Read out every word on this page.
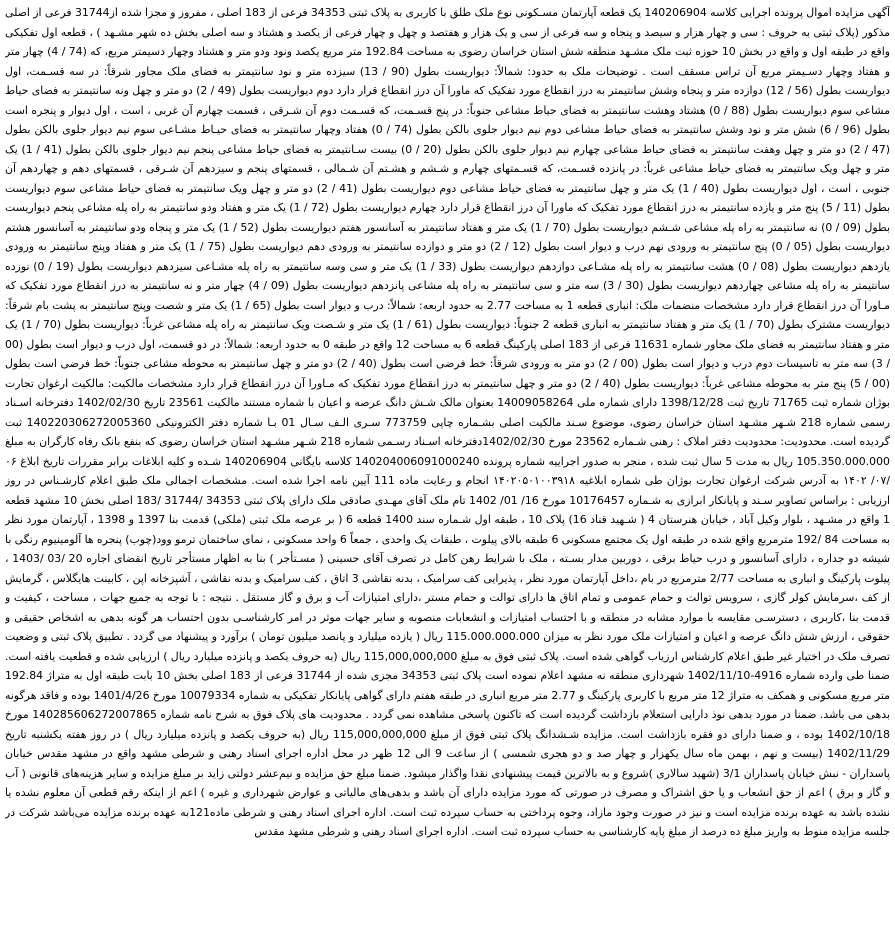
آگهی مزایده اموال پرونده اجرایی کلاسه 140206904 یک قطعه آپارتمان مسـکونی نوع ملک طلق با کاربری به پلاک ثبتی 34353 فرعی از 183 اصلی ، مفروز و مجزا شده از31744 فرعی از اصلی مذکور (پلاک ثبتی به حروف : سی و چهار هزار و سیصد و پنجاه و سه فرعی از سی و یک هزار و هفتصد و چهل و چهار فرعی از یکصد و هشتاد و سه اصلی بخش ده شهر مشـهد ) ، قطعه اول تفکیکی واقع در طبقه اول و واقع در بخش 10 حوزه ثبت ملک مشـهد منطقه شش استان خراسان رضوی به مساحت 192.84 متر مربع یکصد ونود ودو متر و هشتاد وچهار دسیمتر مربع، که (74 / 4) چهار متر و هفتاد وچهار دسـیمتر مربع آن تراس مسقف است . توضیحات ملک به حدود: شمالاً: دیواریست بطول (90 / 13) سیزده متر و نود سانتیمتر به فضای ملک مجاور شرقاً: در سه قسـمت، اول دیواریست بطول (56 / 12) دوازده متر و پنجاه وشش سانتیمتر به درز انقطاع مورد تفکیک که ماورا آن درز انقطاع قرار دارد دوم دیواریست بطول (49 / 2) دو متر و چهل ونه سانتیمتر به فضای حیاط مشاعی سوم دیواریست بطول (88 / 0) هشتاد وهشت سانتیمتر به فضای حیاط مشاعی جنوباً: در پنج قسـمت، که قسـمت دوم آن شـرقی ، قسمت چهارم آن غربی ، است ، اول دیوار و پنجره است بطول (96 / 6) شش متر و نود وشش سانتیمتر به فضای حیاط مشاعی دوم نیم دیوار جلوی بالکن بطول (74 / 0) هفتاد وچهار سانتیمتر به فضای حیـاط مشـاعی سوم نیم دیوار جلوی بالکن بطول (47 / 2) دو متر و چهل وهفت سانتیمتر به فضای حیاط مشاعی چهارم نیم دیوار جلوی بالکن بطول (20 / 0) بیست سـانتیمتر به فضای حیاط مشاعی پنجم نیم دیوار جلوی بالکن بطول (41 / 1) یک متر و چهل ویک سانتیمتر به فضای حیاط مشاعی غرباً: در پانزده قسـمت، که قسـمتهای چهارم و شـشم و هشـتم آن شـمالی ، قسمتهای پنجم و سیزدهم آن شـرقی ، قسمتهای دهم و چهاردهم آن جنوبی ، است ، اول دیواریست بطول (40 / 1) یک متر و چهل سانتیمتر به فضای حیاط مشاعی دوم دیواریست بطول (41 / 2) دو متر و چهل ویک سانتیمتر به فضای حیاط مشاعی سوم دیواریست بطول (11 / 5) پنج متر و یازده سانتیمتر به درز انقطاع مورد تفکیک که ماورا آن درز انقطاع قرار دارد چهارم دیواریست بطول (72 / 1) یک متر و هفتاد ودو سانتیمتر به راه پله مشاعی پنجم دیواریست بطول (09 / 0) نه سانتیمتر به راه پله مشاعی شـشم دیواریست بطول (70 / 1) یک متر و هفتاد سانتیمتر به آسانسور هفتم دیواریست بطول (52 / 1) یک متر و پنجاه ودو سانتیمتر به آسانسور هشتم دیواریست بطول (05 / 0) پنج سانتیمتر به ورودی نهم درب و دیوار است بطول (12 / 2) دو متر و دوازده سانتیمتر به ورودی دهم دیواریست بطول (75 / 1) یک متر و هفتاد وپنج سانتیمتر به ورودی یازدهم دیواریست بطول (08 / 0) هشت سانتیمتر به راه پله مشـاعی دوازدهم دیواریست بطول (33 / 1) یک متر و سی وسه سانتیمتر به راه پله مشـاعی سیزدهم دیواریست بطول (19 / 0) نوزده سانتیمتر به راه پله مشاعی چهاردهم دیواریست بطول (30 / 3) سه متر و سی سانتیمتر به راه پله مشاعی پانزدهم دیواریست بطول (09 / 4) چهار متر و نه سانتیمتر به درز انقطاع مورد تفکیک که مـاورا آن درز انقطاع قرار دارد مشخصات منضمات ملک: انباری قطعه 1 به مساحت 2.77 به حدود اربعه: شمالاً: درب و دیوار است بطول (65 / 1) یک متر و شصت وپنج سانتیمتر به پشت بام شرقاً: دیواریست مشترک بطول (70 / 1) یک متر و هفتاد سانتیمتر به انباری قطعه 2 جنوباً: دیواریست بطول (61 / 1) یک متر و شـصت ویک سانتیمتر به راه پله مشاعی غرباً: دیواریست بطول (70 / 1) یک متر و هفتاد سانتیمتر به فضای ملک مجاور شماره 11631 فرعی از 183 اصلی پارکینگ قطعه 6 به مساحت 12 واقع در طبقه 0 به حدود اربعه: شمالاً: در دو قسمت، اول درب و دیوار است بطول (00 / 3) سه متر به تاسیسات دوم درب و دیوار است بطول (00 / 2) دو متر به ورودی شرقاً: خط فرضی است بطول (40 / 2) دو متر و چهل سانتیمتر به محوطه مشاعی جنوباً: خط فرضی است بطول (00 / 5) پنج متر به محوطه مشاعی غرباً: دیواریست بطول (40 / 2) دو متر و چهل سانتیمتر به درز انقطاع مورد تفکیک که مـاورا آن درز انقطاع قرار دارد مشخصات مالکیت: مالکیت ارغوان تجارت بوژان شماره ثبت 71765 تاریخ ثبت 1398/12/28 دارای شماره ملی 14009058264 بعنوان مالک شـش دانگ عرصه و اعیان با شماره مستند مالکیت 23561 تاریخ 1402/02/30 دفترخانه اسـناد رسمی شماره 218 شـهر مشـهد استان خراسان رضوی، موضوع سـند مالکیت اصلی بشـماره چاپی 773759 سـری الـف سـال 01 بـا شماره دفتر الکترونیکی 140220306272005360 ثبت گردیده است. محدودیت: محدودیت دفتر املاک : رهنی شـماره 23562 مورخ 1402/02/30دفترخانه اسـناد رسـمی شماره 218 شـهر مشـهد استان خراسان رضوی که بنفع بانک رفاه کارگران به مبلغ 105.350.000.000 ریال به مدت 5 سال ثبت شده ، منجر به صدور اجراییه شماره پرونده 140204006091000240 کلاسه بایگانی 140206904 شـده و کلیه ابلاغات برابر مقررات تاریخ ابلاغ ۰۶ /۰۷/ ۱۴۰۲ به آدرس شرکت ارغوان تجارت بوژان طی شماره ابلاغیه ۱۴۰۲۰۵۰۱۰۰۳۹۱۸ انجام و رعایت ماده 111 آیین نامه اجرا شده است. مشخصات اجمالی ملک طبق اعلام کارشـناس در روز ارزیابی : براساس تصاویر سـند و پایانکار ابرازی به شـماره 10176457 مورخ 16/ 01/ 1402 تام ملک آقای مهـدی صادقی ملک دارای پلاک ثبتی 34353 /31744 /183 اصلی بخش 10 مشهد قطعه 1 واقع در مشـهد ، بلوار وکیل آباد ، خیابان هنرستان 4 ( شـهید قناد 16) پلاک 10 ، طبقه اول شـماره سند 1400 قطعه 6 ( بر عرصه ملک ثبتی (ملکی) قدمت بنا 1397 و 1398 ، آپارتمان مورد نظر به مساحت 84 /192 مترمربع واقع شده در طبقه اول یک مجتمع مسکونی 6 طبقه بالای پیلوت ، طبقات یک واحدی ، جمعاً 6 واحد مسکونی ، نمای ساختمان ترمو وود(چوب) پنجره ها آلومینیوم رنگی با شیشه دو جداره ، دارای آسانسور و درب حیاط برقی ، دوربین مدار بسـته ، ملک با شرایط رهن کامل در تصرف آقای حسینی ( مسـتأجر ) بنا به اظهار مستأجر تاریخ انقضای اجاره 20 /03 /1403 ، پیلوت پارکینگ و انباری به مساحت 2/77 مترمربع در بام ،داخل آپارتمان مورد نظر ، پذیرایی کف سرامیک ، بدنه نقاشی 3 اتاق ، کف سرامیک و بدنه نقاشی ، آشپزخانه اپن ، کابینت هایگلاس ، گرمایش از کف ،سرمایش کولر گازی ، سرویس توالت و حمام عمومی و تمام اتاق ها دارای توالت و حمام مستر ،دارای امتیازات آب و برق و گاز مستقل . نتیجه : با توجه به جمیع جهات ، مساحت ، کیفیت و قدمت بنا ،کاربری ، دسترسـی مقایسه با موارد مشابه در منطقه و با احتساب امتیازات و انشعابات منصوبه و سایر جهات موثر در امر کارشناسـی بدون احتساب هر گونه بدهی به اشخاص حقیقی و حقوقی ، ارزش شش دانگ عرصه و اعیان و امتیازات ملک مورد نظر به میزان 115.000.000.000 ریال ( یازده میلیارد و پانصد میلیون تومان ) برآورد و پیشنهاد می گردد . تطبیق پلاک ثبتی و وضعیت تصرف ملک در اختیار غیر طبق اعلام کارشناس ارزیاب گواهی شده است. پلاک ثبتی فوق به مبلغ 115,000,000,000 ریال (به حروف یکصد و پانزده میلیارد ریال ) ارزیابی شده و قطعیت یافته است. ضمنا طی وارده شماره 4916-1402/11/10 شهرداری منطقه نه مشهد اعلام نموده است پلاک ثبتی 34353 مجزی شده از 31744 فرعی از 183 اصلی بخش 10 بابت طبقه اول به متراژ 192.84 متر مربع مسکونی و همکف به متراژ 12 متر مربع با کاربری پارکینگ و 2.77 متر مربع انباری در طبقه هفتم دارای گواهی پایانکار تفکیکی به شماره 10079334 مورخ 1401/4/26 بوده و فاقد هرگونه بدهی می باشد. ضمنا در مورد بدهی نوذ دارایی استعلام بازداشت گردیده است که تاکنون پاسخی مشاهده نمی گردد . محدودیت های پلاک فوق به شرح نامه شماره 140285606272007865 مورخ 1402/10/18 بوده ، و ضمنا دارای دو فقره بازداشت است. مزایده شـشدانگ پلاک ثبتی فوق از مبلغ 115,000,000,000 ریال (به حروف یکصد و پانزده میلیارد ریال ) در روز هفته یکشنبه تاریخ 1402/11/29 (بیست و نهم ، بهمن ماه سال یکهزار و چهار صد و دو هجری شمسی ) از ساعت 9 الی 12 ظهر در محل اداره اجرای اسناد رهنی و شرطی مشهد واقع در مشهد مقدس خیابان پاسداران - نبش خیابان پاسداران 3/1 (شهید سالاری )شروع و به بالاترین قیمت پیشنهادی نقدا واگذار میشود. ضمنا مبلغ حق مزایده و نیم‌عشر دولتی زاید بر مبلغ مزایده و سایر هزینه‌های قانونی ( آب و گاز و برق ) اعم از حق انشعاب و یا حق اشتراک و مصرف در صورتی که مورد مزایده دارای آن باشد و بدهی‌های مالیاتی و عوارض شهرداری و غیره ) اعم از اینکه رقم قطعی آن معلوم نشده یا نشده باشد به عهده برنده مزایده است و نیز در صورت وجود مازاد، وجوه پرداختی به حساب سپرده ثبت است. اداره اجرای اسناد رهنی و شرطی ماده121به عهده برنده مزایده می‌باشد شرکت در جلسه مزایده منوط به واریز مبلغ ده درصد از مبلغ پایه کارشناسی به حساب سپرده ثبت است. اداره اجرای اسناد رهنی و شرطی مشهد مقدس
